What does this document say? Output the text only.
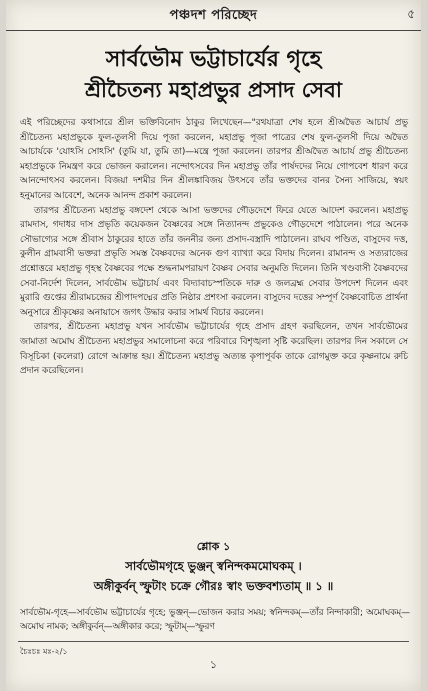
পঞ্চদশ পরিচ্ছেদ	৫
সার্বভৌম ভট্টাচার্যের গৃহে
শ্রীচৈতন্য মহাপ্রভুর প্রসাদ সেবা

এই পরিচ্ছেদের কথাসারে শ্রীল ভক্তিবিনোদ ঠাকুর লিখেছেন—"রথযাত্রা শেষ হলে শ্রীঅদ্বৈত আচার্য প্রভু শ্রীচৈতন্য মহাপ্রভুকে ফুল-তুলসী দিয়ে পূজা করলেন, মহাপ্রভু পূজা পাত্রের শেষ ফুল-তুলসী দিয়ে অদ্বৈত আচার্যকে 'যোঽসি সোঽসি' (তুমি যা, তুমি তা)—মন্ত্রে পূজা করলেন। তারপর শ্রীঅদ্বৈত আচার্য প্রভু শ্রীচৈতন্য মহাপ্রভুকে নিমন্ত্রণ করে ভোজন করালেন। নন্দোৎসবের দিন মহাপ্রভু তাঁর পার্ষদদের নিয়ে গোপবেশ ধারণ করে আনন্দোৎসব করলেন। বিজয়া দশমীর দিন শ্রীলঙ্কাবিজয় উৎসবে তাঁর ভক্তদের বানর সৈন্য সাজিয়ে, স্বয়ং হনুমানের আবেশে, অনেক আনন্দ প্রকাশ করলেন।

তারপর শ্রীচৈতন্য মহাপ্রভু বঙ্গদেশ থেকে আসা ভক্তদের গৌড়দেশে ফিরে যেতে আদেশ করলেন। মহাপ্রভু রামদাস, গদাধর দাস প্রভৃতি কয়েকজন বৈষ্ণবের সঙ্গে নিত্যানন্দ প্রভুকেও গৌড়দেশে পাঠালেন। পরে অনেক সৌভাগ্যের সঙ্গে শ্রীবাস ঠাকুরের হাতে তাঁর জননীর জন্য প্রসাদ-বস্ত্রাদি পাঠালেন। রাঘব পণ্ডিত, বাসুদেব দত্ত, কুলীন গ্রামবাসী ভক্তরা প্রভৃতি সমস্ত বৈষ্ণবদের অনেক গুণ ব্যাখ্যা করে বিদায় দিলেন। রামানন্দ ও সত্যরাজের প্রশ্নোত্তরে মহাপ্রভু গৃহস্থ বৈষ্ণবের পক্ষে শুদ্ধনামপরায়ণ বৈষ্ণব সেবার অনুমতি দিলেন। তিনি খণ্ডবাসী বৈষ্ণবদের সেবা-নির্দেশ দিলেন, সার্বভৌম ভট্টাচার্য এবং বিদ্যাবাচস্পতিকে দারু ও জলব্রহ্ম সেবার উপদেশ দিলেন এবং মুরারি গুপ্তের শ্রীরামচন্দ্রের শ্রীপাদপদ্মের প্রতি নিষ্ঠার প্রশংসা করলেন। বাসুদেব দত্তের সম্পূর্ণ বৈষ্ণবোচিত প্রার্থনা অনুসারে শ্রীকৃষ্ণের অনায়াসে জগৎ উদ্ধার করার সামর্থ বিচার করলেন।

তারপর, শ্রীচৈতন্য মহাপ্রভু যখন সার্বভৌম ভট্টাচার্যের গৃহে প্রসাদ গ্রহণ করছিলেন, তখন সার্বভৌমের জামাতা অমোঘ শ্রীচৈতন্য মহাপ্রভুর সমালোচনা করে পরিবারে বিশৃঙ্খলা সৃষ্টি করেছিল। তারপর দিন সকালে সে বিসূচিকা (কলেরা) রোগে আক্রান্ত হয়। শ্রীচৈতন্য মহাপ্রভু অত্যন্ত কৃপাপূর্বক তাকে রোগমুক্ত করে কৃষ্ণনামে রুচি প্রদান করেছিলেন।

শ্লোক ১
সার্বভৌমগৃহে ভুঞ্জন্ স্বনিন্দকমমোঘকম্ ।
অঙ্গীকুর্বন্ স্ফুটাং চক্রে গৌরঃ স্বাং ভক্তবশ্যতাম্ ॥ ১ ॥
সার্বভৌম-গৃহে—সার্বভৌম ভট্টাচার্যের গৃহে; ভুঞ্জন্—ভোজন করার সময়; স্বনিন্দকম্—তাঁর নিন্দাকারী; অমোঘকম্—অমোঘ নামক; অঙ্গীকুর্বন্—অঙ্গীকার করে; স্ফুটাম্—স্ফুরণ
চৈঃচঃ মঃ-২/১
১
